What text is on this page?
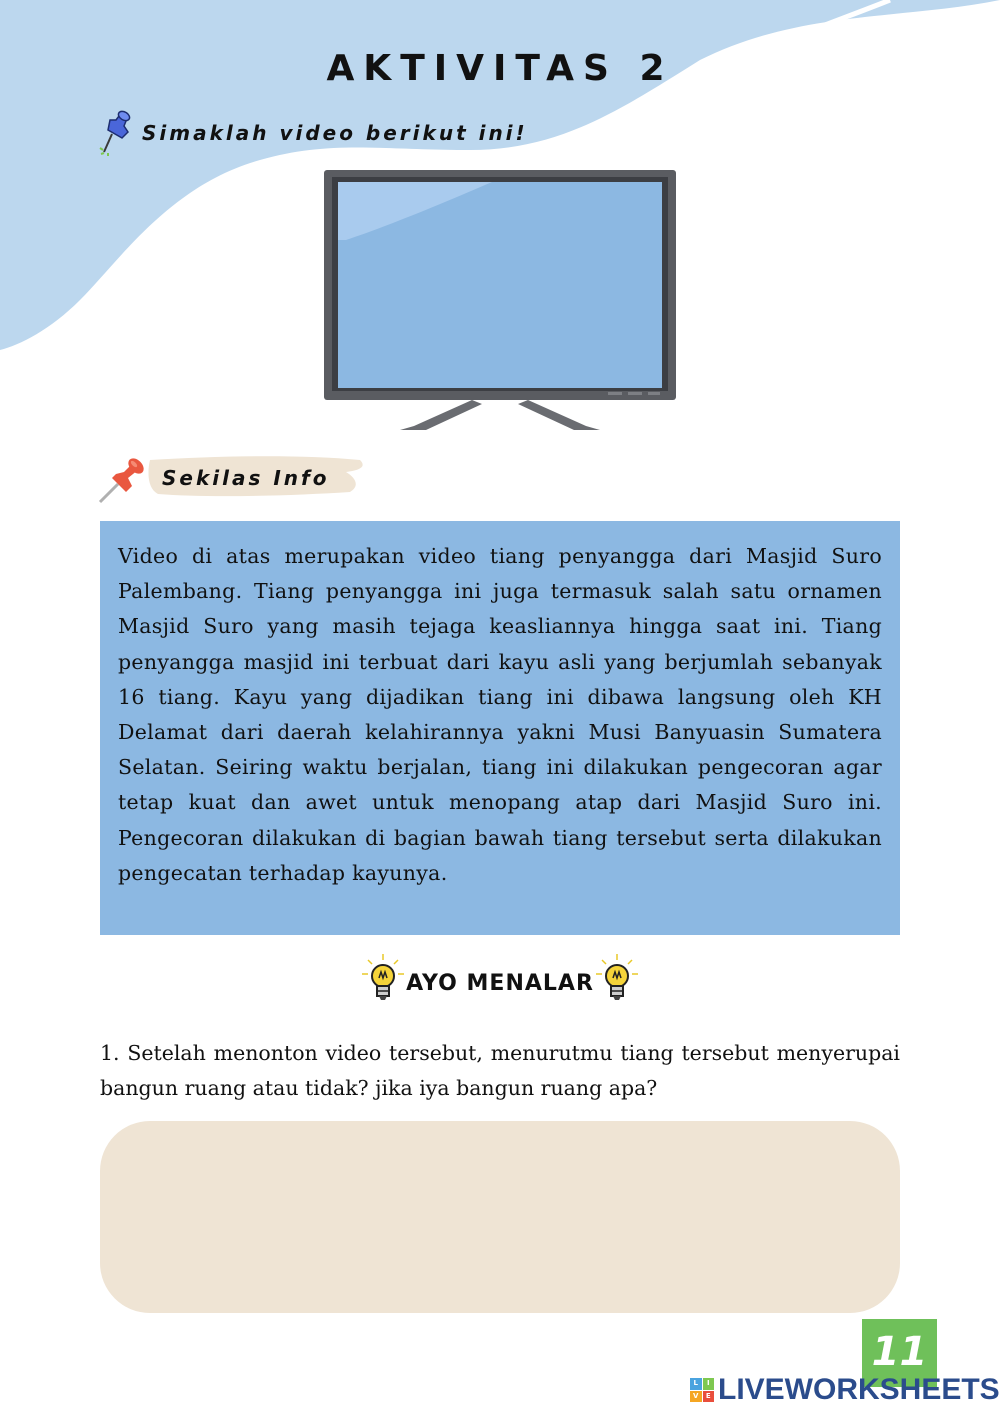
AKTIVITAS 2
Simaklah video berikut ini!
Sekilas Info

Video di atas merupakan video tiang penyangga dari Masjid Suro Palembang. Tiang penyangga ini juga termasuk salah satu ornamen Masjid Suro yang masih tejaga keasliannya hingga saat ini. Tiang penyangga masjid ini terbuat dari kayu asli yang berjumlah sebanyak 16 tiang. Kayu yang dijadikan tiang ini dibawa langsung oleh KH Delamat dari daerah kelahirannya yakni Musi Banyuasin Sumatera Selatan. Seiring waktu berjalan, tiang ini dilakukan pengecoran agar tetap kuat dan awet untuk menopang atap dari Masjid Suro ini. Pengecoran dilakukan di bagian bawah tiang tersebut serta dilakukan pengecatan terhadap kayunya.

AYO MENALAR

1. Setelah menonton video tersebut, menurutmu tiang tersebut menyerupai bangun ruang atau tidak? jika iya bangun ruang apa?

11
L	I
V	E LIVEWORKSHEETS
